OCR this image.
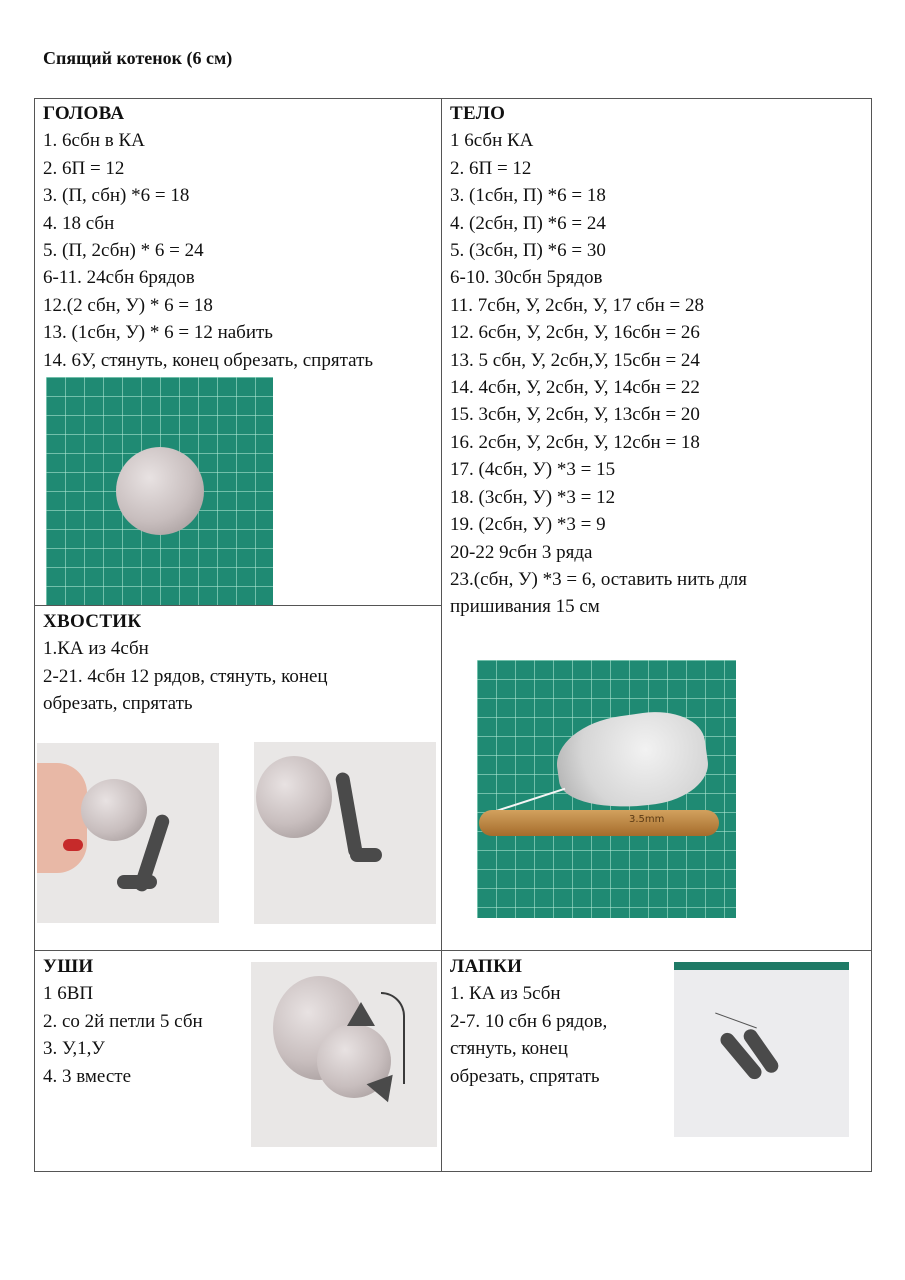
Спящий котенок (6 см)
ГОЛОВА
1. 6сбн в КА
2. 6П = 12
3. (П, сбн) *6 = 18
4. 18 сбн
5. (П, 2сбн) * 6 = 24
6-11. 24сбн 6рядов
12.(2 сбн, У) * 6 = 18
13. (1сбн, У) * 6 = 12 набить
14. 6У, стянуть, конец обрезать, спрятать
ТЕЛО
1 6сбн КА
2. 6П = 12
3. (1сбн, П) *6 = 18
4. (2сбн, П) *6 = 24
5. (3сбн, П) *6 = 30
6-10. 30сбн 5рядов
11. 7сбн, У, 2сбн, У, 17 сбн = 28
12. 6сбн, У, 2сбн, У, 16сбн = 26
13. 5 сбн, У, 2сбн,У, 15сбн = 24
14. 4сбн, У, 2сбн, У, 14сбн = 22
15. 3сбн, У, 2сбн, У, 13сбн = 20
16. 2сбн, У, 2сбн, У, 12сбн = 18
17. (4сбн, У) *3 = 15
18. (3сбн, У) *3 = 12
19. (2сбн, У) *3 = 9
20-22 9сбн 3 ряда
23.(сбн, У) *3 = 6, оставить нить для
пришивания 15 см
3.5mm
ХВОСТИК
1.КА из 4сбн
2-21. 4сбн 12 рядов, стянуть, конец
обрезать, спрятать
УШИ
1 6ВП
2. со 2й петли 5 сбн
3. У,1,У
4. 3 вместе
ЛАПКИ
1. КА из 5сбн
2-7. 10 сбн 6 рядов,
стянуть, конец
обрезать, спрятать
